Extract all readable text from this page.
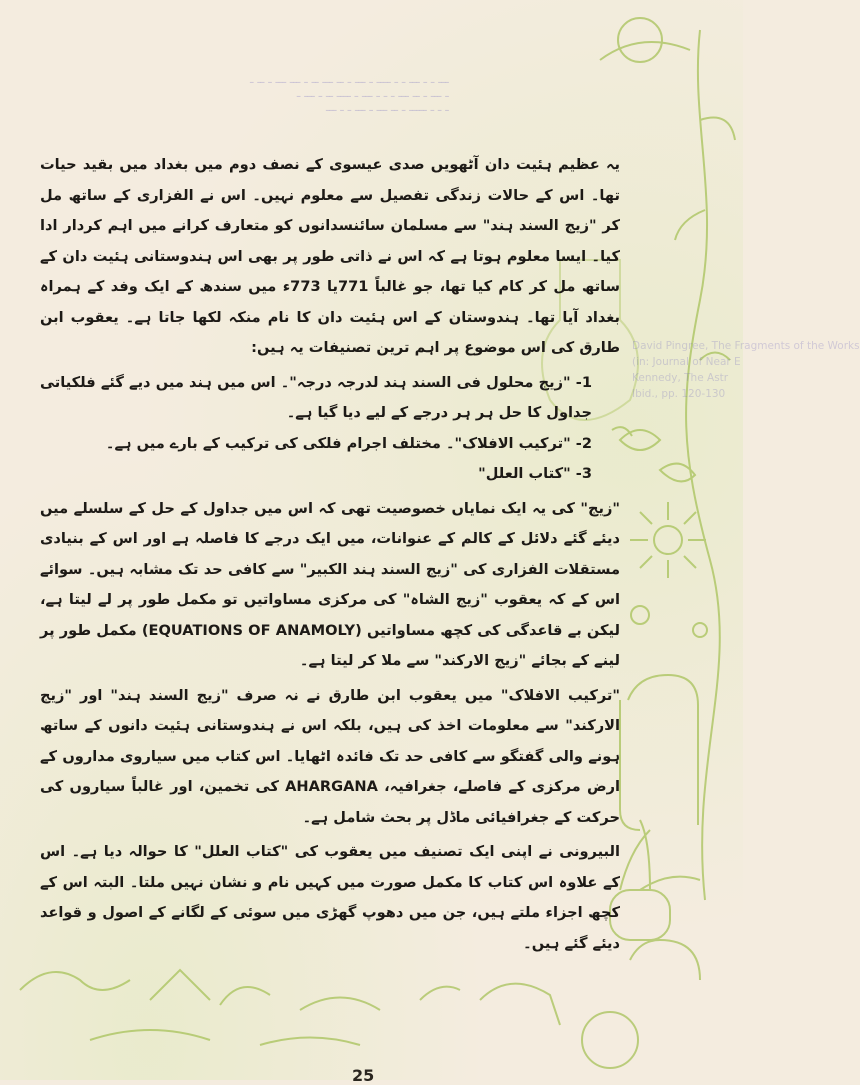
ـ ــ ـ ـــ ـــ ـ ــ ـــ ــ ـ ـــ ـ ــــ ـ ـ ـــ ـ ـ ـــ
ـ ـــ ـ ــ ــــ ـ ـــ ـ ـ ـ ـــ ــ ـ ـــ ـ
ـــ ـ ـ ـــ ـ ـــ ــ ـ ـــــ ـ ـ ـ
David Pingree, The Fragments of the Works
(in: Journal of Near E
Kennedy, The Astr
Ibid., pp. 120-130

یہ عظیم ہئیت دان آٹھویں صدی عیسوی کے نصف دوم میں بغداد میں بقید حیات تھا۔ اس کے حالات زندگی تفصیل سے معلوم نہیں۔ اس نے الفزاری کے ساتھ مل کر "زیج السند ہند" سے مسلمان سائنسدانوں کو متعارف کرانے میں اہم کردار ادا کیا۔ ایسا معلوم ہوتا ہے کہ اس نے ذاتی طور پر بھی اس ہندوستانی ہئیت دان کے ساتھ مل کر کام کیا تھا، جو غالباً 771یا 773ء میں سندھ کے ایک وفد کے ہمراہ بغداد آیا تھا۔ ہندوستان کے اس ہئیت دان کا نام منکہ لکھا جاتا ہے۔ یعقوب ابن طارق کی اس موضوع پر اہم ترین تصنیفات یہ ہیں:

1- "زیج محلول فی السند ہند لدرجہ درجہ"۔ اس میں ہند میں دیے گئے فلکیاتی جداول کا حل ہر ہر درجے کے لیے دیا گیا ہے۔

2- "ترکیب الافلاک"۔ مختلف اجرام فلکی کی ترکیب کے بارے میں ہے۔

3- "کتاب العلل"

"زیج" کی یہ ایک نمایاں خصوصیت تھی کہ اس میں جداول کے حل کے سلسلے میں دیئے گئے دلائل کے کالم کے عنوانات، میں ایک درجے کا فاصلہ ہے اور اس کے بنیادی مستقلات الفزاری کی "زیج السند ہند الکبیر" سے کافی حد تک مشابہ ہیں۔ سوائے اس کے کہ یعقوب "زیج الشاہ" کی مرکزی مساواتیں تو مکمل طور پر لے لیتا ہے، لیکن بے قاعدگی کی کچھ مساواتیں (EQUATIONS OF ANAMOLY) مکمل طور پر لینے کے بجائے "زیج الارکند" سے ملا کر لیتا ہے۔

"ترکیب الافلاک" میں یعقوب ابن طارق نے نہ صرف "زیج السند ہند" اور "زیج الارکند" سے معلومات اخذ کی ہیں، بلکہ اس نے ہندوستانی ہئیت دانوں کے ساتھ ہونے والی گفتگو سے کافی حد تک فائدہ اٹھایا۔ اس کتاب میں سیاروی مداروں کے ارض مرکزی کے فاصلے، جغرافیہ، AHARGANA کی تخمین، اور غالباً سیاروں کی حرکت کے جغرافیائی ماڈل پر بحث شامل ہے۔

البیرونی نے اپنی ایک تصنیف میں یعقوب کی "کتاب العلل" کا حوالہ دیا ہے۔ اس کے علاوہ اس کتاب کا مکمل صورت میں کہیں نام و نشان نہیں ملتا۔ البتہ اس کے کچھ اجزاء ملتے ہیں، جن میں دھوپ گھڑی میں سوئی کے لگانے کے اصول و قواعد دیئے گئے ہیں۔

25
